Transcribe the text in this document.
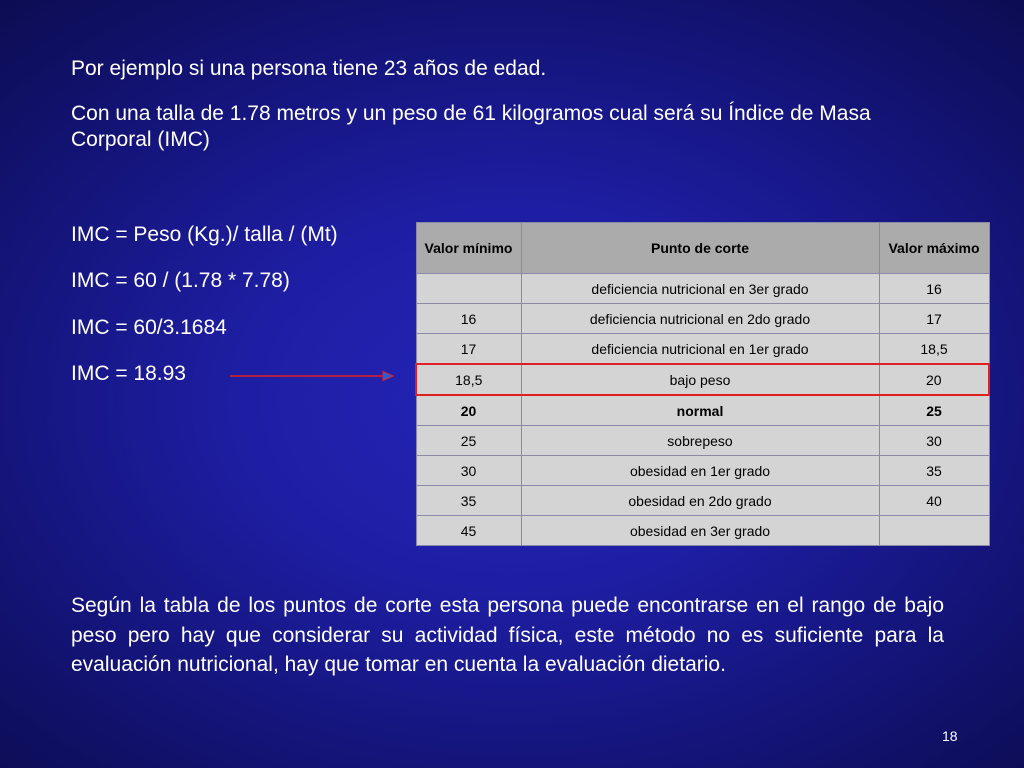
Por ejemplo si una persona tiene 23 años de edad.

Con una talla de 1.78 metros y un peso de 61 kilogramos cual será su Índice de Masa Corporal (IMC)

IMC = Peso (Kg.)/ talla / (Mt)

IMC = 60 / (1.78 * 7.78)

IMC = 60/3.1684

IMC = 18.93

Valor mínimo	Punto de corte	Valor máximo
	deficiencia nutricional en 3er grado	16
16	deficiencia nutricional en 2do grado	17
17	deficiencia nutricional en 1er grado	18,5
18,5	bajo peso	20
20	normal	25
25	sobrepeso	30
30	obesidad en 1er grado	35
35	obesidad en 2do grado	40
45	obesidad en 3er grado	

Según la tabla de los puntos de corte esta persona puede encontrarse en el rango de bajo peso pero hay que considerar su actividad física, este método no es suficiente para la evaluación nutricional, hay que tomar en cuenta la evaluación dietario.

18
